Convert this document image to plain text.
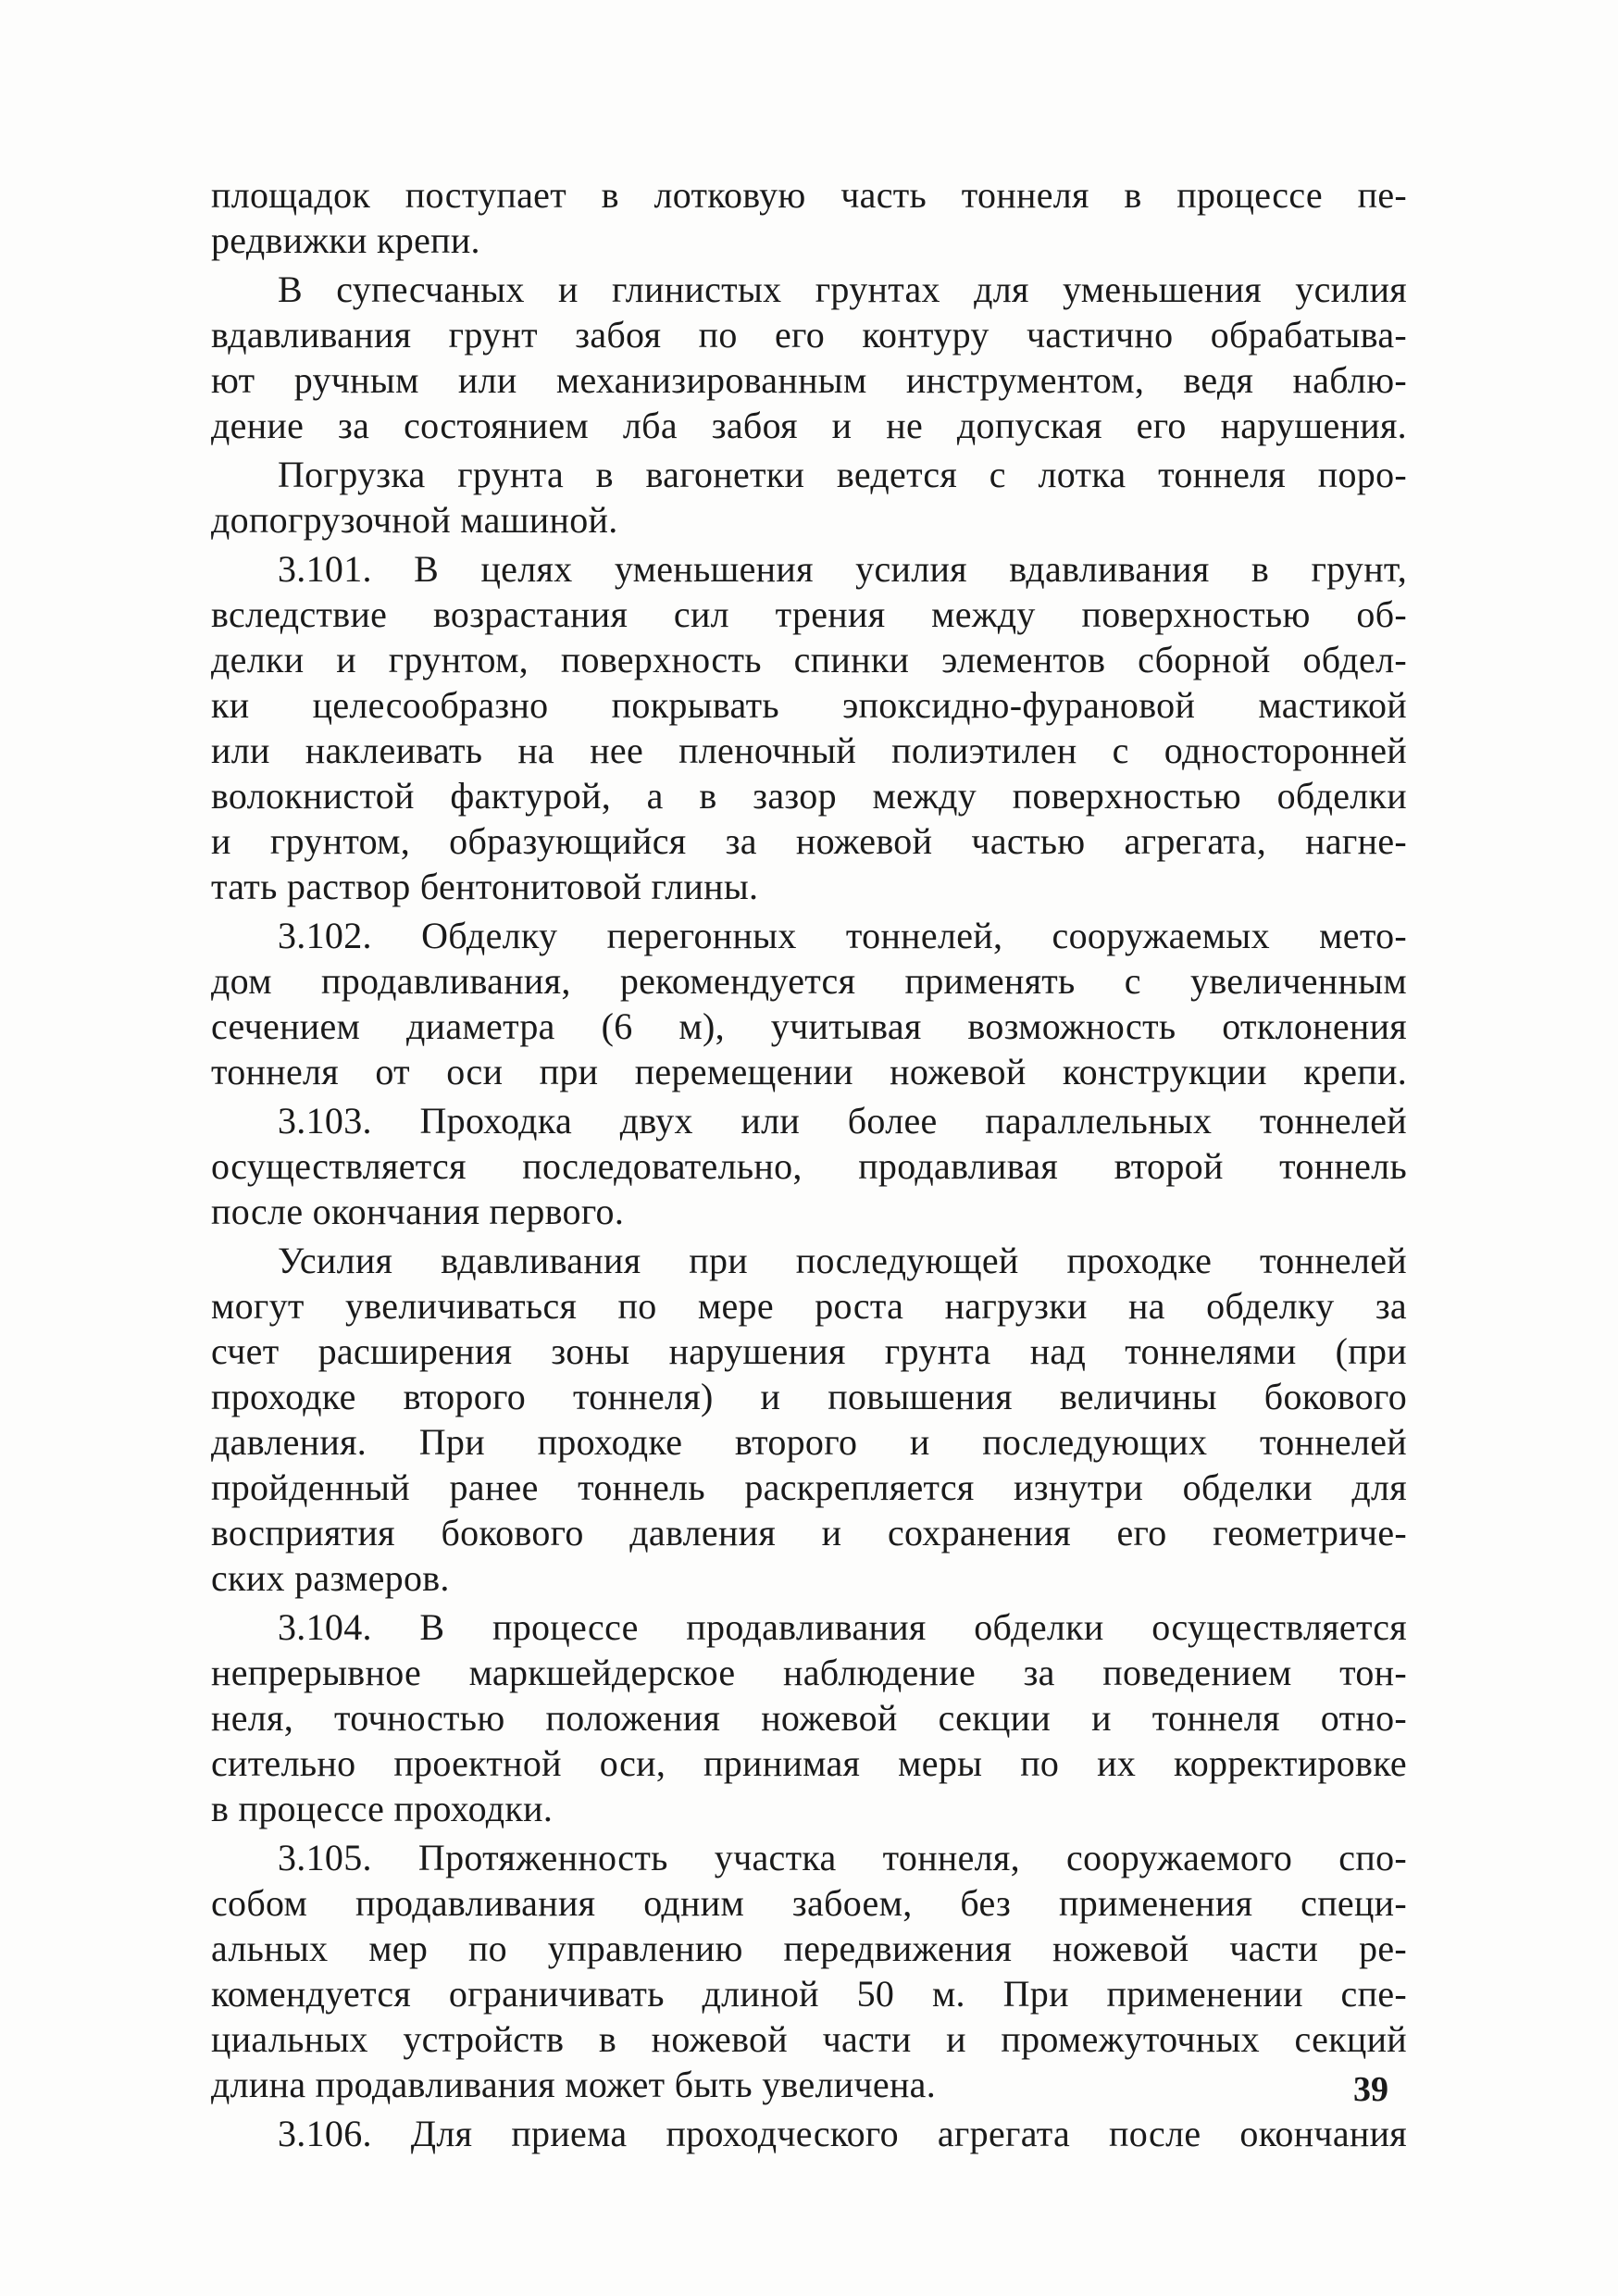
площадок поступает в лотковую часть тоннеля в процессе пе-
редвижки крепи.
В супесчаных и глинистых грунтах для уменьшения усилия
вдавливания грунт забоя по его контуру частично обрабатыва-
ют ручным или механизированным инструментом, ведя наблю-
дение за состоянием лба забоя и не допуская его нарушения.
Погрузка грунта в вагонетки ведется с лотка тоннеля поро-
допогрузочной машиной.
3.101. В целях уменьшения усилия вдавливания в грунт,
вследствие возрастания сил трения между поверхностью об-
делки и грунтом, поверхность спинки элементов сборной обдел-
ки целесообразно покрывать эпоксидно-фурановой мастикой
или наклеивать на нее пленочный полиэтилен с односторонней
волокнистой фактурой, а в зазор между поверхностью обделки
и грунтом, образующийся за ножевой частью агрегата, нагне-
тать раствор бентонитовой глины.
3.102. Обделку перегонных тоннелей, сооружаемых мето-
дом продавливания, рекомендуется применять с увеличенным
сечением диаметра (6 м), учитывая возможность отклонения
тоннеля от оси при перемещении ножевой конструкции крепи.
3.103. Проходка двух или более параллельных тоннелей
осуществляется последовательно, продавливая второй тоннель
после окончания первого.
Усилия вдавливания при последующей проходке тоннелей
могут увеличиваться по мере роста нагрузки на обделку за
счет расширения зоны нарушения грунта над тоннелями (при
проходке второго тоннеля) и повышения величины бокового
давления. При проходке второго и последующих тоннелей
пройденный ранее тоннель раскрепляется изнутри обделки для
восприятия бокового давления и сохранения его геометриче-
ских размеров.
3.104. В процессе продавливания обделки осуществляется
непрерывное маркшейдерское наблюдение за поведением тон-
неля, точностью положения ножевой секции и тоннеля отно-
сительно проектной оси, принимая меры по их корректировке
в процессе проходки.
3.105. Протяженность участка тоннеля, сооружаемого спо-
собом продавливания одним забоем, без применения специ-
альных мер по управлению передвижения ножевой части ре-
комендуется ограничивать длиной 50 м. При применении спе-
циальных устройств в ножевой части и промежуточных секций
длина продавливания может быть увеличена.
3.106. Для приема проходческого агрегата после окончания
39
